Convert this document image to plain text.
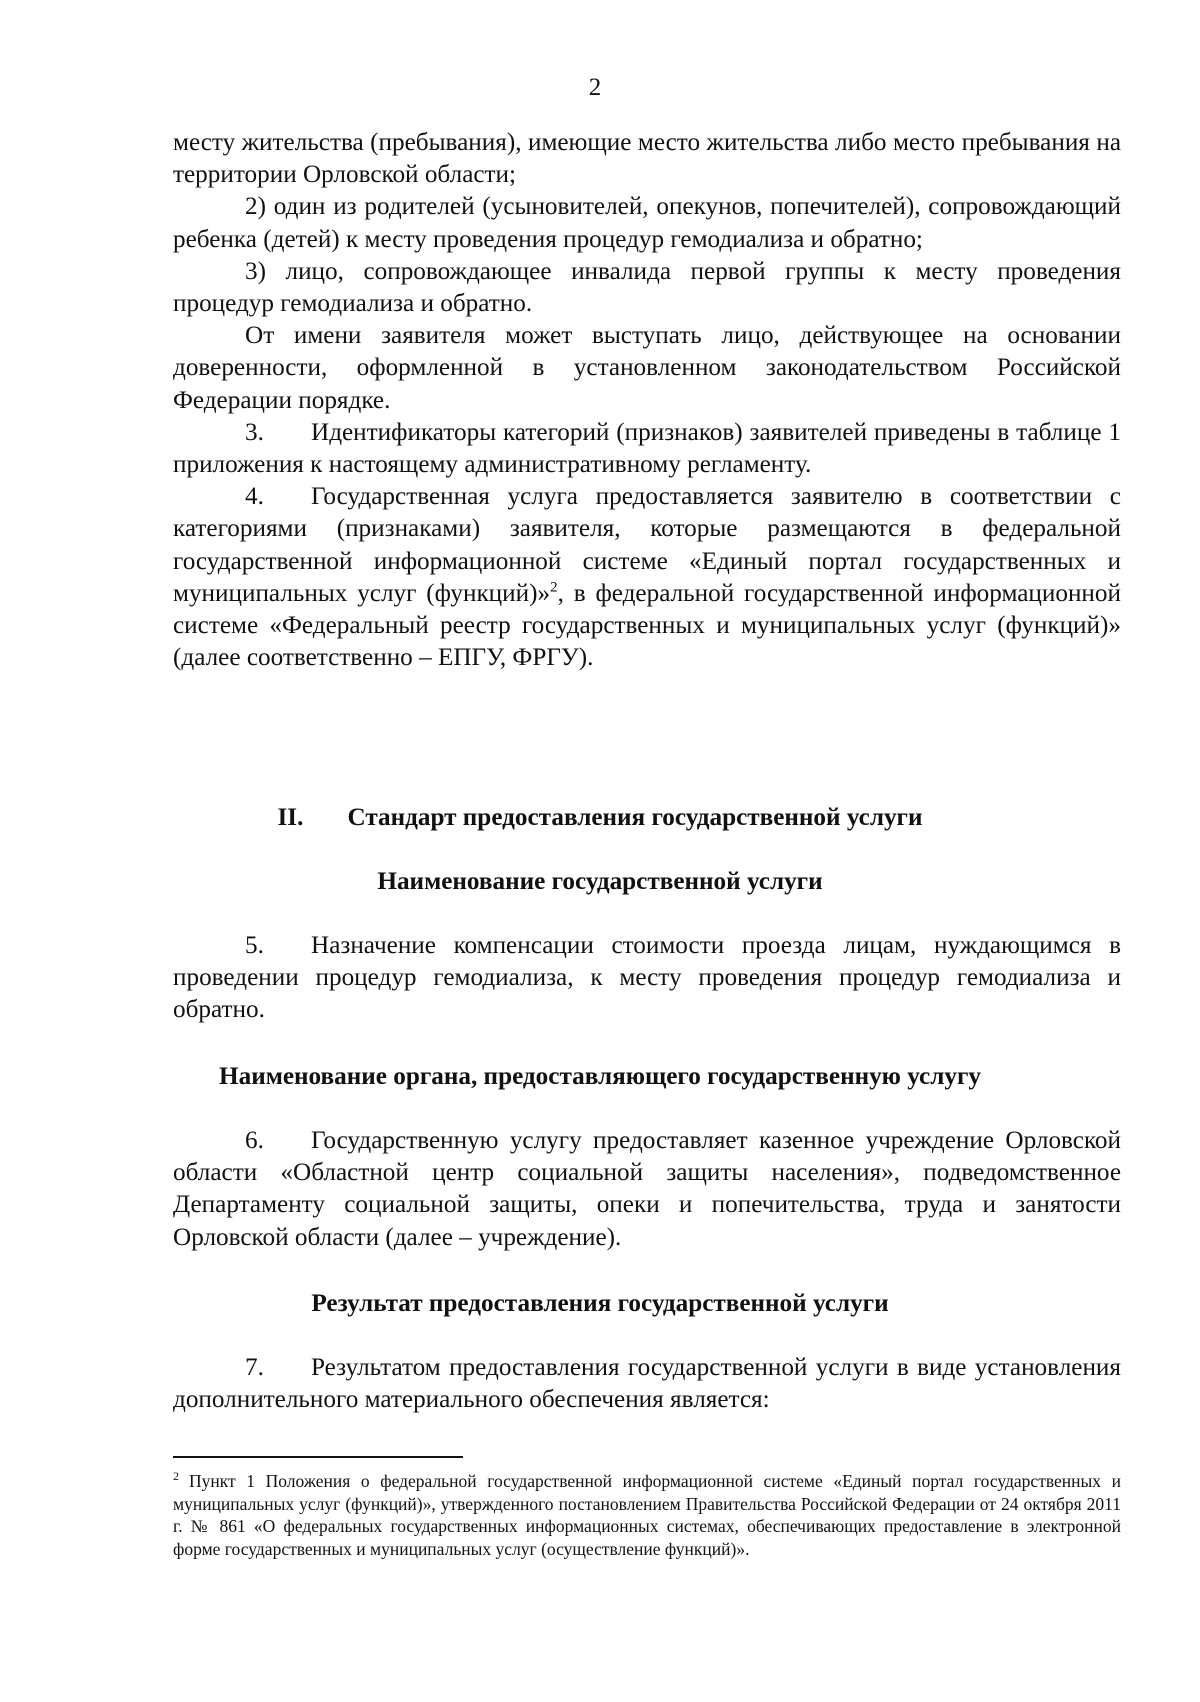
2

месту жительства (пребывания), имеющие место жительства либо место пребывания на территории Орловской области;

2) один из родителей (усыновителей, опекунов, попечителей), сопровождающий ребенка (детей) к месту проведения процедур гемодиализа и обратно;

3) лицо, сопровождающее инвалида первой группы к месту проведения процедур гемодиализа и обратно.

От имени заявителя может выступать лицо, действующее на основании доверенности, оформленной в установленном законодательством Российской Федерации порядке.

3. Идентификаторы категорий (признаков) заявителей приведены в таблице 1 приложения к настоящему административному регламенту.

4. Государственная услуга предоставляется заявителю в соответствии с категориями (признаками) заявителя, которые размещаются в федеральной государственной информационной системе «Единый портал государственных и муниципальных услуг (функций)»$^2$, в федеральной государственной информационной системе «Федеральный реестр государственных и муниципальных услуг (функций)» (далее соответственно – ЕПГУ, ФРГУ).

II. Стандарт предоставления государственной услуги
Наименование государственной услуги

5. Назначение компенсации стоимости проезда лицам, нуждающимся в проведении процедур гемодиализа, к месту проведения процедур гемодиализа и обратно.

Наименование органа, предоставляющего государственную услугу

6. Государственную услугу предоставляет казенное учреждение Орловской области «Областной центр социальной защиты населения», подведомственное Департаменту социальной защиты, опеки и попечительства, труда и занятости Орловской области (далее – учреждение).

Результат предоставления государственной услуги

7. Результатом предоставления государственной услуги в виде установления дополнительного материального обеспечения является:

$^2$ Пункт 1 Положения о федеральной государственной информационной системе «Единый портал государственных и муниципальных услуг (функций)», утвержденного постановлением Правительства Российской Федерации от 24 октября 2011 г. № 861 «О федеральных государственных информационных системах, обеспечивающих предоставление в электронной форме государственных и муниципальных услуг (осуществление функций)».
